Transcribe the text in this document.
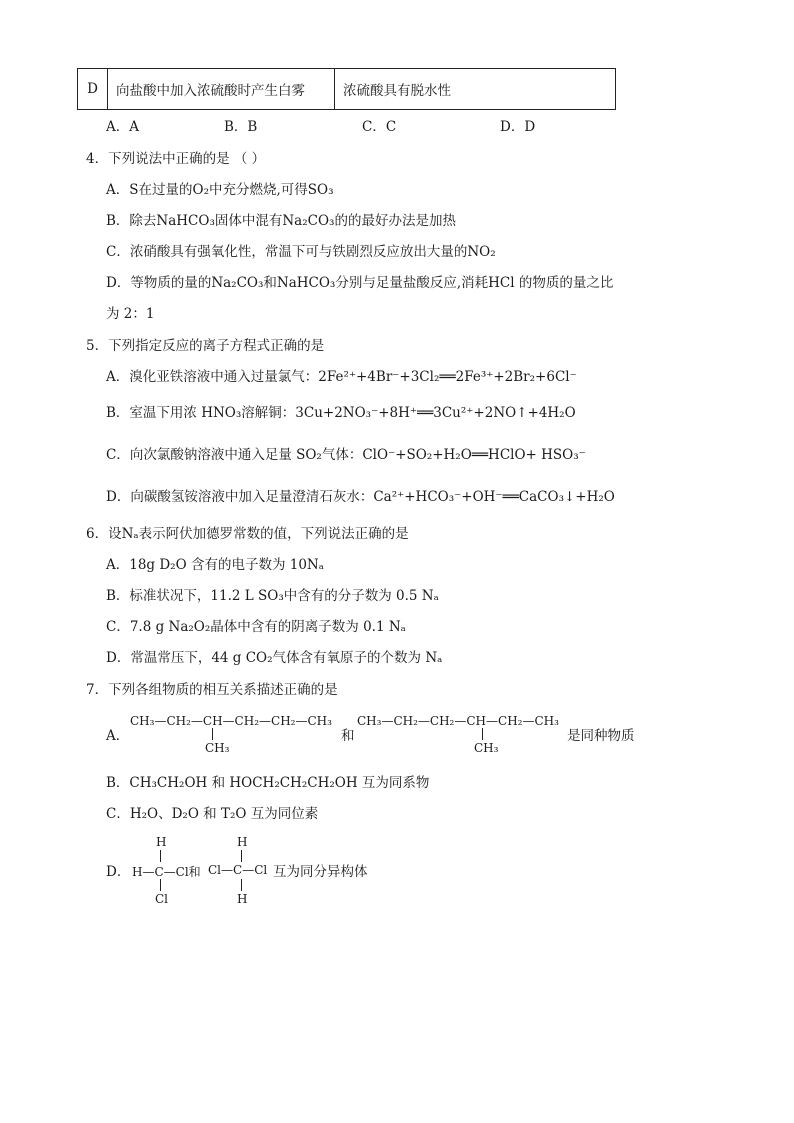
D	向盐酸中加入浓硫酸时产生白雾	浓硫酸具有脱水性
A．A	B．B	C．C	D．D
4．下列说法中正确的是 （ ）
A．S在过量的O₂中充分燃烧,可得SO₃
B．除去NaHCO₃固体中混有Na₂CO₃的的最好办法是加热
C．浓硝酸具有强氧化性，常温下可与铁剧烈反应放出大量的NO₂
D．等物质的量的Na₂CO₃和NaHCO₃分别与足量盐酸反应,消耗HCl 的物质的量之比
为 2：1
5．下列指定反应的离子方程式正确的是
A．溴化亚铁溶液中通入过量氯气：2Fe²⁺+4Br⁻+3Cl₂══2Fe³⁺+2Br₂+6Cl⁻
B．室温下用浓 HNO₃溶解铜：3Cu+2NO₃⁻+8H⁺══3Cu²⁺+2NO↑+4H₂O
C．向次氯酸钠溶液中通入足量 SO₂气体：ClO⁻+SO₂+H₂O══HClO+ HSO₃⁻
D．向碳酸氢铵溶液中加入足量澄清石灰水：Ca²⁺+HCO₃⁻+OH⁻══CaCO₃↓+H₂O
6．设Nₐ表示阿伏加德罗常数的值，下列说法正确的是
A．18g D₂O 含有的电子数为 10Nₐ
B．标准状况下，11.2 L SO₃中含有的分子数为 0.5 Nₐ
C．7.8 g Na₂O₂晶体中含有的阴离子数为 0.1 Nₐ
D．常温常压下，44 g CO₂气体含有氧原子的个数为 Nₐ
7．下列各组物质的相互关系描述正确的是
A．
CH₃—CH₂—CH—CH₂—CH₂—CH₃
CH₃
和
CH₃—CH₂—CH₂—CH—CH₂—CH₃
CH₃
是同种物质
B．CH₃CH₂OH 和 HOCH₂CH₂CH₂OH 互为同系物
C．H₂O、D₂O 和 T₂O 互为同位素
D．
H
H—C—Cl和
Cl
H
Cl—C—Cl
H
互为同分异构体
